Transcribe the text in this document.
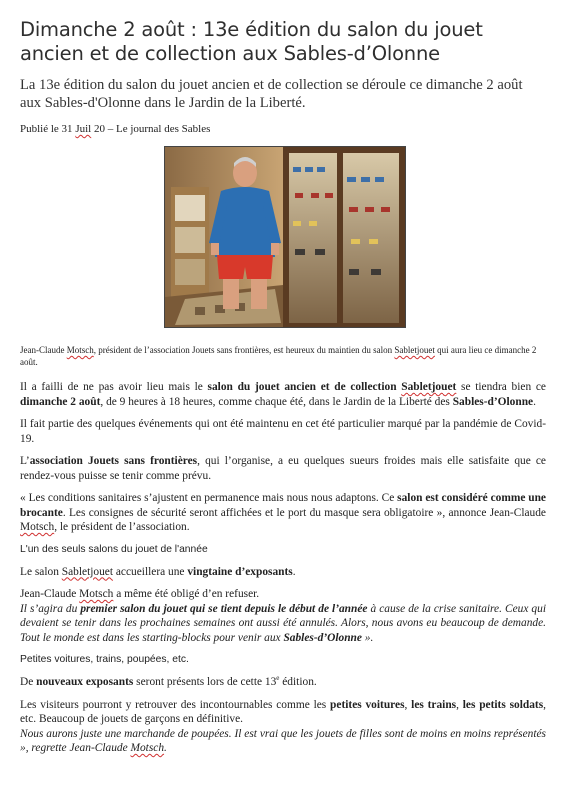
Dimanche 2 août : 13e édition du salon du jouet ancien et de collection aux Sables-d’Olonne

La 13e édition du salon du jouet ancien et de collection se déroule ce dimanche 2 août aux Sables-d'Olonne dans le Jardin de la Liberté.

Publié le 31 Juil 20 – Le journal des Sables

Jean-Claude Motsch, président de l’association Jouets sans frontières, est heureux du maintien du salon Sabletjouet qui aura lieu ce dimanche 2 août.

Il a failli de ne pas avoir lieu mais le salon du jouet ancien et de collection Sabletjouet se tiendra bien ce dimanche 2 août, de 9 heures à 18 heures, comme chaque été, dans le Jardin de la Liberté des Sables-d’Olonne.

Il fait partie des quelques événements qui ont été maintenu en cet été particulier marqué par la pandémie de Covid-19.

L’association Jouets sans frontières, qui l’organise, a eu quelques sueurs froides mais elle satisfaite que ce rendez-vous puisse se tenir comme prévu.

« Les conditions sanitaires s’ajustent en permanence mais nous nous adaptons. Ce salon est considéré comme une brocante. Les consignes de sécurité seront affichées et le port du masque sera obligatoire », annonce Jean-Claude Motsch, le président de l’association.

L'un des seuls salons du jouet de l'année

Le salon Sabletjouet accueillera une vingtaine d’exposants.

Jean-Claude Motsch a même été obligé d’en refuser.

Il s’agira du premier salon du jouet qui se tient depuis le début de l’année à cause de la crise sanitaire. Ceux qui devaient se tenir dans les prochaines semaines ont aussi été annulés. Alors, nous avons eu beaucoup de demande. Tout le monde est dans les starting-blocks pour venir aux Sables-d’Olonne ».

Petites voitures, trains, poupées, etc.

De nouveaux exposants seront présents lors de cette 13e édition.

Les visiteurs pourront y retrouver des incontournables comme les petites voitures, les trains, les petits soldats, etc. Beaucoup de jouets de garçons en définitive.

Nous aurons juste une marchande de poupées. Il est vrai que les jouets de filles sont de moins en moins représentés », regrette Jean-Claude Motsch.
